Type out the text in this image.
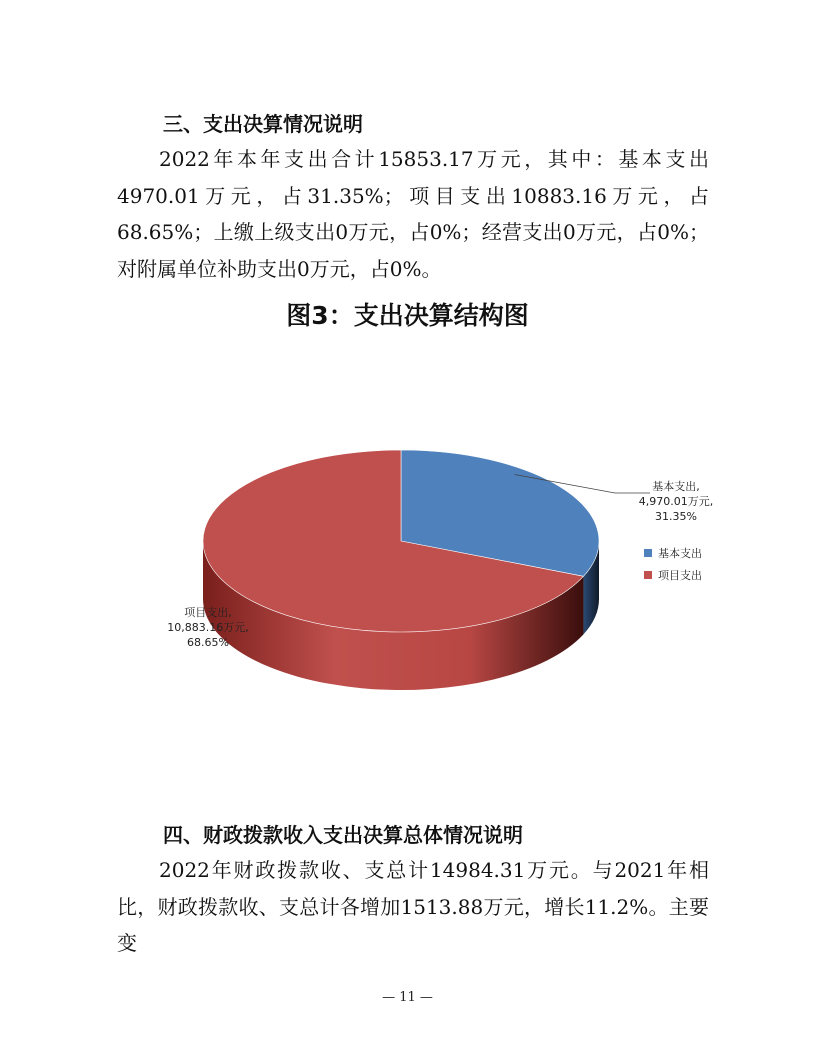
三、支出决算情况说明
2022年本年支出合计15853.17万元，其中：基本支出4970.01万元，占31.35%；项目支出10883.16万元，占68.65%；上缴上级支出0万元，占0%；经营支出0万元，占0%；对附属单位补助支出0万元，占0%。
图3：支出决算结构图
基本支出,
4,970.01万元,
31.35%
项目支出,
10,883.16万元,
68.65%
基本支出
项目支出
四、财政拨款收入支出决算总体情况说明
2022年财政拨款收、支总计14984.31万元。与2021年相比，财政拨款收、支总计各增加1513.88万元，增长11.2%。主要变
— 11 —
